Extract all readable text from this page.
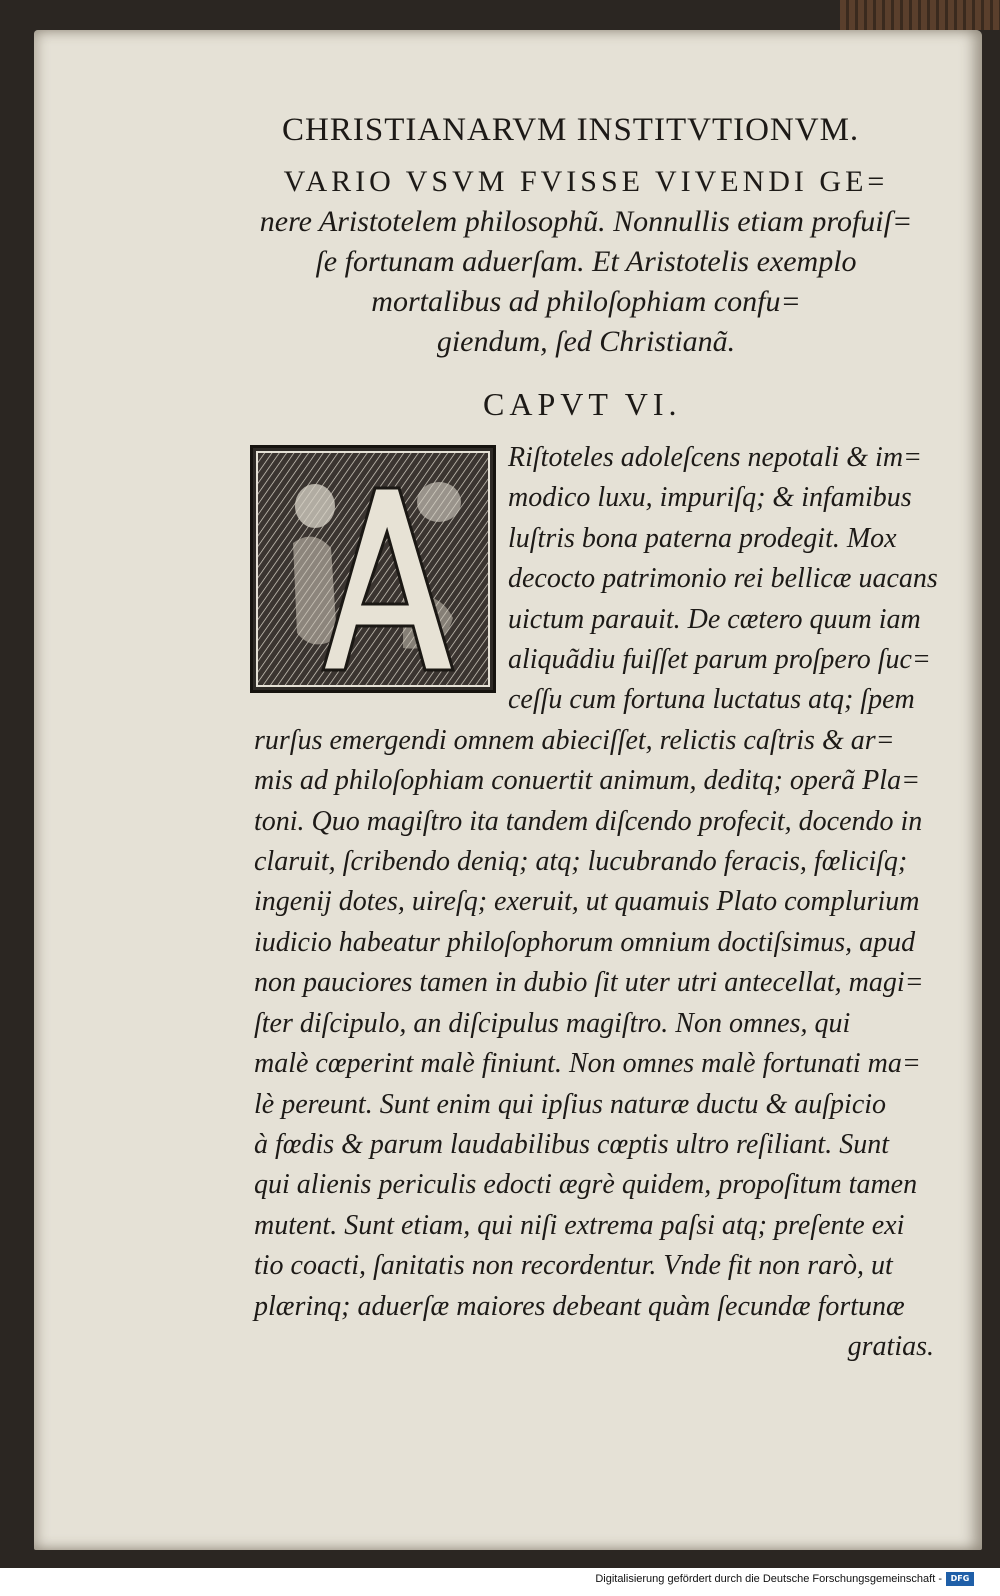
CHRISTIANARVM INSTITVTIONVM.
VARIO VSVM FVISSE VIVENDI GE=
nere Aristotelem philosophũ. Nonnullis etiam profuiſ=
ſe fortunam aduerſam. Et Aristotelis exemplo
mortalibus ad philoſophiam confu=
giendum, ſed Christianã.
CAPVT VI.
Riſtoteles adoleſcens nepotali & im=
modico luxu, impuriſq; & infamibus
luſtris bona paterna prodegit. Mox
decocto patrimonio rei bellicæ uacans
uictum parauit. De cætero quum iam
aliquãdiu fuiſſet parum proſpero ſuc=
ceſſu cum fortuna luctatus atq; ſpem
rurſus emergendi omnem abieciſſet, relictis caſtris & ar=
mis ad philoſophiam conuertit animum, deditq; operã Pla=
toni. Quo magiſtro ita tandem diſcendo profecit, docendo in
claruit, ſcribendo deniq; atq; lucubrando feracis, fœliciſq;
ingenij dotes, uireſq; exeruit, ut quamuis Plato complurium
iudicio habeatur philoſophorum omnium doctiſsimus, apud
non pauciores tamen in dubio ſit uter utri antecellat, magi=
ſter diſcipulo, an diſcipulus magiſtro. Non omnes, qui
malè cœperint malè finiunt. Non omnes malè fortunati ma=
lè pereunt. Sunt enim qui ipſius naturæ ductu & auſpicio
à fœdis & parum laudabilibus cœptis ultro reſiliant. Sunt
qui alienis periculis edocti ægrè quidem, propoſitum tamen
mutent. Sunt etiam, qui niſi extrema paſsi atq; preſente exi
tio coacti, ſanitatis non recordentur. Vnde fit non rarò, ut
plærinq; aduerſæ maiores debeant quàm ſecundæ fortunæ
gratias.
Digitalisierung gefördert durch die Deutsche Forschungsgemeinschaft -	DFG
